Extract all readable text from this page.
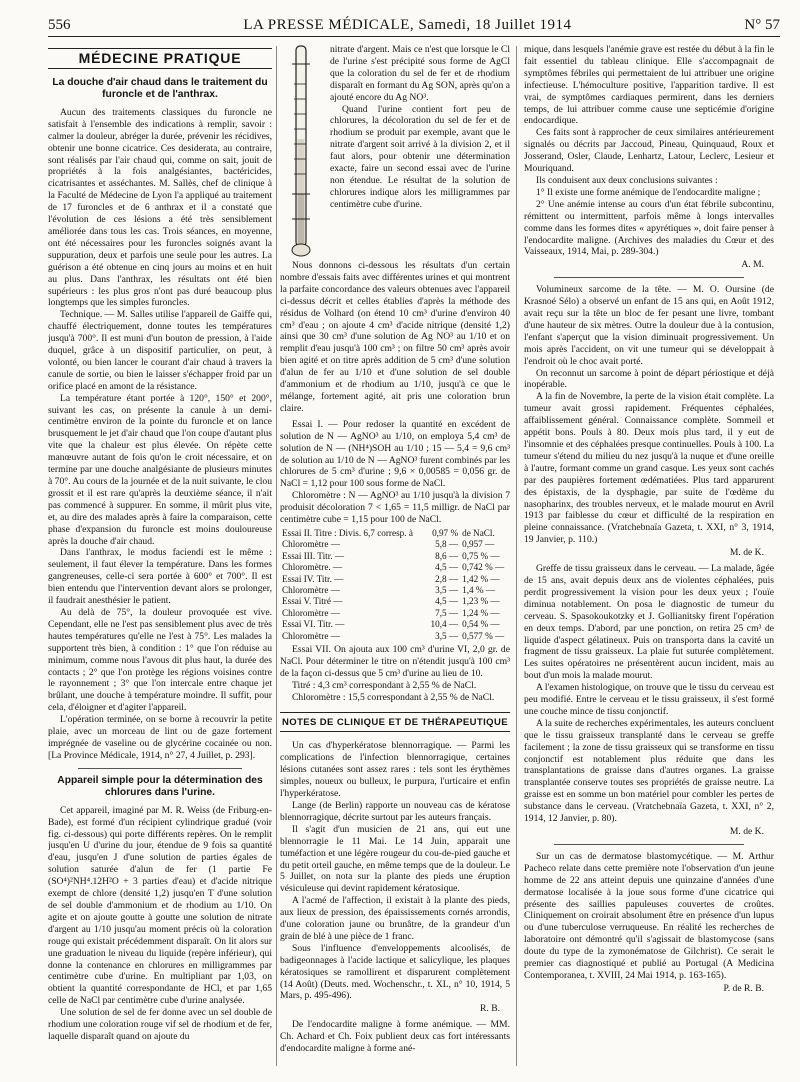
556	LA PRESSE MÉDICALE, Samedi, 18 Juillet 1914	N° 57
MÉDECINE PRATIQUE
La douche d'air chaud dans le traitement du furoncle et de l'anthrax.

Aucun des traitements classiques du furoncle ne satisfait à l'ensemble des indications à remplir, savoir : calmer la douleur, abréger la durée, prévenir les récidives, obtenir une bonne cicatrice. Ces desiderata, au contraire, sont réalisés par l'air chaud qui, comme on sait, jouit de propriétés à la fois analgésiantes, bactéricides, cicatrisantes et asséchantes. M. Sallès, chef de clinique à la Faculté de Médecine de Lyon l'a appliqué au traitement de 17 furoncles et de 6 anthrax et il a constaté que l'évolution de ces lésions a été très sensiblement améliorée dans tous les cas. Trois séances, en moyenne, ont été nécessaires pour les furoncles soignés avant la suppuration, deux et parfois une seule pour les autres. La guérison a été obtenue en cinq jours au moins et en huit au plus. Dans l'anthrax, les résultats ont été bien supérieurs : les plus gros n'ont pas duré beaucoup plus longtemps que les simples furoncles.

Technique. — M. Salles utilise l'appareil de Gaiffe qui, chauffé électriquement, donne toutes les températures jusqu'à 700°. Il est muni d'un bouton de pression, à l'aide duquel, grâce à un dispositif particulier, on peut, à volonté, ou bien lancer le courant d'air chaud à travers la canule de sortie, ou bien le laisser s'échapper froid par un orifice placé en amont de la résistance.

La température étant portée à 120°, 150° et 200°, suivant les cas, on présente la canule à un demi-centimètre environ de la pointe du furoncle et on lance brusquement le jet d'air chaud que l'on coupe d'autant plus vite que la chaleur est plus élevée. On répète cette manœuvre autant de fois qu'on le croit nécessaire, et on termine par une douche analgésiante de plusieurs minutes à 70°. Au cours de la journée et de la nuit suivante, le clou grossit et il est rare qu'après la deuxième séance, il n'ait pas commencé à suppurer. En somme, il mûrit plus vite, et, au dire des malades après à faire la comparaison, cette phase d'expansion du furoncle est moins douloureuse après la douche d'air chaud.

Dans l'anthrax, le modus faciendi est le même : seulement, il faut élever la température. Dans les formes gangreneuses, celle-ci sera portée à 600° et 700°. Il est bien entendu que l'intervention devant alors se prolonger, il faudrait anesthésier le patient.

Au delà de 75°, la douleur provoquée est vive. Cependant, elle ne l'est pas sensiblement plus avec de très hautes températures qu'elle ne l'est à 75°. Les malades la supportent très bien, à condition : 1° que l'on réduise au minimum, comme nous l'avous dit plus haut, la durée des contacts ; 2° que l'on protège les régions voisines contre le rayonnement ; 3° que l'on intercale entre chaque jet brûlant, une douche à température moindre. Il suffit, pour cela, d'éloigner et d'agiter l'appareil.

L'opération terminée, on se borne à recouvrir la petite plaie, avec un morceau de lint ou de gaze fortement imprégnée de vaseline ou de glycérine cocainée ou non. [La Province Médicale, 1914, n° 27, 4 Juillet, p. 293].

Appareil simple pour la détermination des chlorures dans l'urine.

Cet appareil, imaginé par M. R. Weiss (de Friburg-en-Bade), est formé d'un récipient cylindrique gradué (voir fig. ci-dessous) qui porte différents repères. On le remplit jusqu'en U d'urine du jour, étendue de 9 fois sa quantité d'eau, jusqu'en J d'une solution de parties égales de solution saturée d'alun de fer (1 partie Fe (SO⁴)²NH⁴.12H²O + 3 parties d'eau) et d'acide nitrique exempt de chlore (densité 1,2) jusqu'en T d'une solution de sel double d'ammonium et de rhodium au 1/10. On agite et on ajoute goutte à goutte une solution de nitrate d'argent au 1/10 jusqu'au moment précis où la coloration rouge qui existait précédemment disparaît. On lit alors sur une graduation le niveau du liquide (repère inférieur), qui donne la contenance en chlorures en milligrammes par centimètre cube d'urine. En multipliant par 1,03, on obtient la quantité correspondante de HCl, et par 1,65 celle de NaCl par centimètre cube d'urine analysée.

Une solution de sel de fer donne avec un sel double de rhodium une coloration rouge vif sel de rhodium et de fer, laquelle disparaît quand on ajoute du

nitrate d'argent. Mais ce n'est que lorsque le Cl de l'urine s'est précipité sous forme de AgCl que la coloration du sel de fer et de rhodium disparaît en formant du Ag SON, après qu'on a ajouté encore du Ag NO³.

Quand l'urine contient fort peu de chlorures, la décoloration du sel de fer et de rhodium se produit par exemple, avant que le nitrate d'argent soit arrivé à la division 2, et il faut alors, pour obtenir une détermination exacte, faire un second essai avec de l'urine non étendue. Le résultat de la solution de chlorures indique alors les milligrammes par centimètre cube d'urine.

Nous donnons ci-dessous les résultats d'un certain nombre d'essais faits avec différentes urines et qui montrent la parfaite concordance des valeurs obtenues avec l'appareil ci-dessus décrit et celles établies d'après la méthode des résidus de Volhard (on étend 10 cm³ d'urine d'environ 40 cm³ d'eau ; on ajoute 4 cm³ d'acide nitrique (densité 1,2) ainsi que 30 cm³ d'une solution de Ag NO³ au 1/10 et on remplit d'eau jusqu'à 100 cm³ ; on filtre 50 cm³ après avoir bien agité et on titre après addition de 5 cm³ d'une solution d'alun de fer au 1/10 et d'une solution de sel double d'ammonium et de rhodium au 1/10, jusqu'à ce que le mélange, fortement agité, ait pris une coloration brun claire.

Essai I. — Pour redoser la quantité en excédent de solution de N — AgNO³ au 1/10, on employa 5,4 cm³ de solution de N — (NH⁴)SOH au 1/10 ; 15 — 5,4 = 9,6 cm³ de solution au 1/10 de N — AgNO³ furent combinés par les chlorures de 5 cm³ d'urine ; 9,6 × 0,00585 = 0,056 gr. de NaCl = 1,12 pour 100 sous forme de NaCl.

Chloromètre : N — AgNO³ au 1/10 jusqu'à la division 7 produisit décoloration 7 < 1,65 = 11,5 milligr. de NaCl par centimètre cube = 1,15 pour 100 de NaCl.

Essai II. Titre : Divis. 6,7 corresp. à	0,97 %	de NaCl.
Chloromètre —	5,8 —	0,957 —
Essai III. Titr. —	8,6 —	0,75 % —
Chloromètre. —	4,5 —	0,742 % —
Essai IV. Titr. —	2,8 —	1,42 % —
Chloromètre —	3,5 —	1,4 % —
Essai V. Titré —	4,5 —	1,23 % —
Chloromètre —	7,5 —	1,24 % —
Essai VI. Titr. —	10,4 —	0,54 % —
Chloromètre —	3,5 —	0,577 % —

Essai VII. On ajouta aux 100 cm³ d'urine VI, 2,0 gr. de NaCl. Pour déterminer le titre on n'étendit jusqu'à 100 cm³ de la façon ci-dessus que 5 cm³ d'urine au lieu de 10.

Titré : 4,3 cm³ correspondant à 2,55 % de NaCl.

Chloromètre : 15,5 correspondant à 2,55 % de NaCl.

NOTES DE CLINIQUE ET DE THÉRAPEUTIQUE

Un cas d'hyperkératose blennorragique. — Parmi les complications de l'infection blennorragique, certaines lésions cutanées sont assez rares : tels sont les érythèmes simples, noueux ou bulleux, le purpura, l'urticaire et enfin l'hyperkératose.

Lange (de Berlin) rapporte un nouveau cas de kératose blennorragique, décrite surtout par les auteurs français.

Il s'agit d'un musicien de 21 ans, qui eut une blennorragie le 11 Mai. Le 14 Juin, apparait une tuméfaction et une légère rougeur du cou-de-pied gauche et du petit orteil gauche, en même temps que de la douleur. Le 5 Juillet, on nota sur la plante des pieds une éruption vésiculeuse qui devint rapidement kératosique.

A l'acmé de l'affection, il existait à la plante des pieds, aux lieux de pression, des épaississements cornés arrondis, d'une coloration jaune ou brunâtre, de la grandeur d'un grain de blé à une pièce de 1 franc.

Sous l'influence d'enveloppements alcoolisés, de badigeonnages à l'acide lactique et salicylique, les plaques kératosiques se ramollirent et disparurent complètement (14 Août) (Deuts. med. Wochenschr., t. XL, n° 10, 1914, 5 Mars, p. 495-496).

R. B.

De l'endocardite maligne à forme anémique. — MM. Ch. Achard et Ch. Foix publient deux cas fort intéressants d'endocardite maligne à forme ané-

mique, dans lesquels l'anémie grave est restée du début à la fin le fait essentiel du tableau clinique. Elle s'accompagnait de symptômes fébriles qui permettaient de lui attribuer une origine infectieuse. L'hémoculture positive, l'apparition tardive. Il est vrai, de symptômes cardiaques permirent, dans les derniers temps, de lui attribuer comme cause une septicémie d'origine endocardique.

Ces faits sont à rapprocher de ceux similaires antérieurement signalés ou décrits par Jaccoud, Pineau, Quinquaud, Roux et Josserand, Osler, Claude, Lenhartz, Latour, Leclerc, Lesieur et Mouriquand.

Ils conduisent aux deux conclusions suivantes :

1° Il existe une forme anémique de l'endocardite maligne ;

2° Une anémie intense au cours d'un état fébrile subcontinu, rémittent ou intermittent, parfois même à longs intervalles comme dans les formes dites « apyrétiques », doit faire penser à l'endocardite maligne. (Archives des maladies du Cœur et des Vaisseaux, 1914, Mai, p. 289-304.)

A. M.

Volumineux sarcome de la tête. — M. O. Oursine (de Krasnoé Sélo) a observé un enfant de 15 ans qui, en Août 1912, avait reçu sur la tête un bloc de fer pesant une livre, tombant d'une hauteur de six mètres. Outre la douleur due à la contusion, l'enfant s'aperçut que la vision diminuait progressivement. Un mois après l'accident, on vit une tumeur qui se développait à l'endroit où le choc avait porté.

On reconnut un sarcome à point de départ périostique et déjà inopérable.

A la fin de Novembre, la perte de la vision était complète. La tumeur avait grossi rapidement. Fréquentes céphalées, affaiblissement général. Connaissance complète. Sommeil et appétit bons. Pouls à 80. Deux mois plus tard, il y eut de l'insomnie et des céphalées presque continuelles. Pouls à 100. La tumeur s'étend du milieu du nez jusqu'à la nuque et d'une oreille à l'autre, formant comme un grand casque. Les yeux sont cachés par des paupières fortement œdématiées. Plus tard apparurent des épistaxis, de la dysphagie, par suite de l'œdème du nasopharinx, des troubles nerveux, et le malade mourut en Avril 1913 par faiblesse du cœur et difficulté de la respiration en pleine connaissance. (Vratchebnaïa Gazeta, t. XXI, n° 3, 1914, 19 Janvier, p. 110.)

M. de K.

Greffe de tissu graisseux dans le cerveau. — La malade, âgée de 15 ans, avait depuis deux ans de violentes céphalées, puis perdit progressivement la vision pour les deux yeux ; l'ouïe diminua notablement. On posa le diagnostic de tumeur du cerveau. S. Spasokoukotzky et J. Gollianitsky firent l'opération en deux temps. D'abord, par une ponction, on retira 25 cm³ de liquide d'aspect gélatineux. Puis on transporta dans la cavité un fragment de tissu graisseux. La plaie fut suturée complètement. Les suites opératoires ne présentèrent aucun incident, mais au bout d'un mois la malade mourut.

A l'examen histologique, on trouve que le tissu du cerveau est peu modifié. Entre le cerveau et le tissu graisseux, il s'est formé une couche mince de tissu conjonctif.

A la suite de recherches expérimentales, les auteurs concluent que le tissu graisseux transplanté dans le cerveau se greffe facilement ; la zone de tissu graisseux qui se transforme en tissu conjonctif est notablement plus réduite que dans les transplantations de graisse dans d'autres organes. La graisse transplantée conserve toutes ses propriétés de graisse neutre. La graisse est en somme un bon matériel pour combler les pertes de substance dans le cerveau. (Vratchebnaïa Gazeta, t. XXI, n° 2, 1914, 12 Janvier, p. 80).

M. de K.

Sur un cas de dermatose blastomycétique. — M. Arthur Pacheco relate dans cette première note l'observation d'un jeune homme de 22 ans atteint depuis une quinzaine d'années d'une dermatose localisée à la joue sous forme d'une cicatrice qui présente des saillies papuleuses couvertes de croûtes. Cliniquement on croirait absolument être en présence d'un lupus ou d'une tuberculose verruqueuse. En réalité les recherches de laboratoire ont démontré qu'il s'agissait de blastomycose (sans doute du type de la zymonématose de Gilchrist). Ce serait le premier cas diagnostiqué et publié au Portugal (A Medicina Contemporanea, t. XVIII, 24 Mai 1914, p. 163-165).

P. de R. B.
